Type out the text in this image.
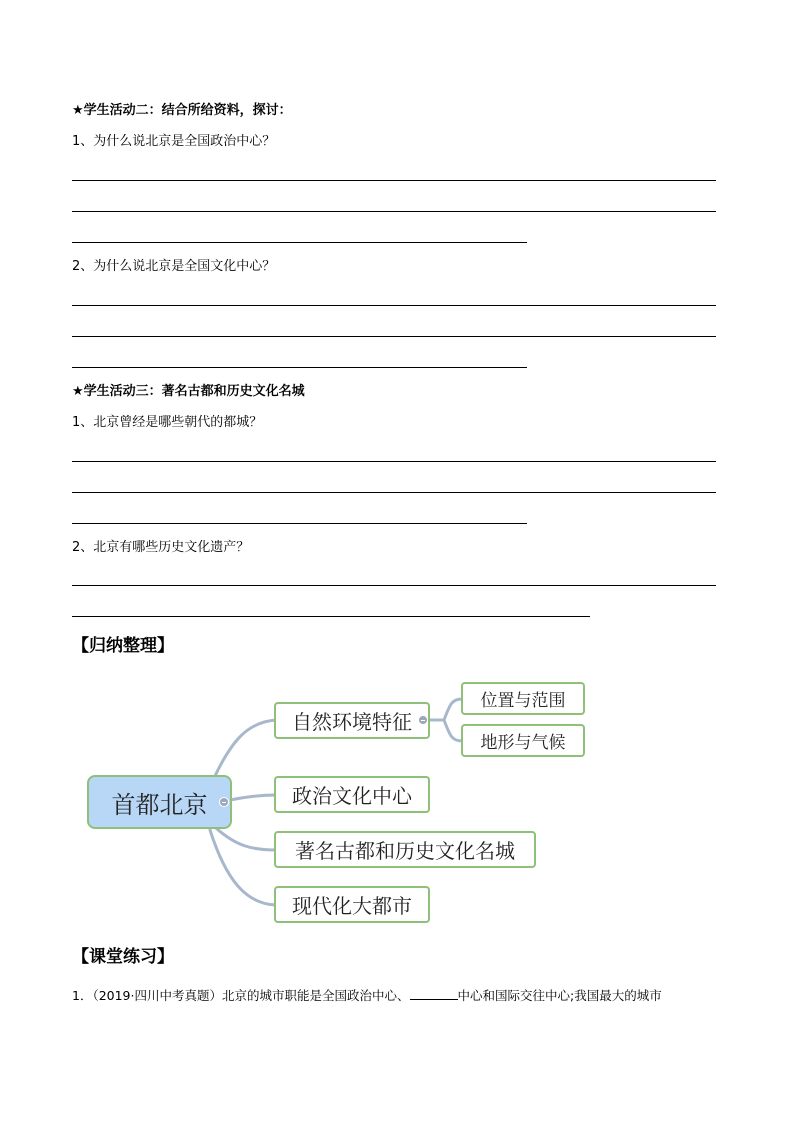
★学生活动二：结合所给资料，探讨：
1、为什么说北京是全国政治中心？
2、为什么说北京是全国文化中心？
★学生活动三：著名古都和历史文化名城
1、北京曾经是哪些朝代的都城？
2、北京有哪些历史文化遗产？
【归纳整理】
首都北京
自然环境特征
位置与范围
地形与气候
政治文化中心
著名古都和历史文化名城
现代化大都市
【课堂练习】
1．（2019·四川中考真题）北京的城市职能是全国政治中心、	中心和国际交往中心;我国最大的城市
